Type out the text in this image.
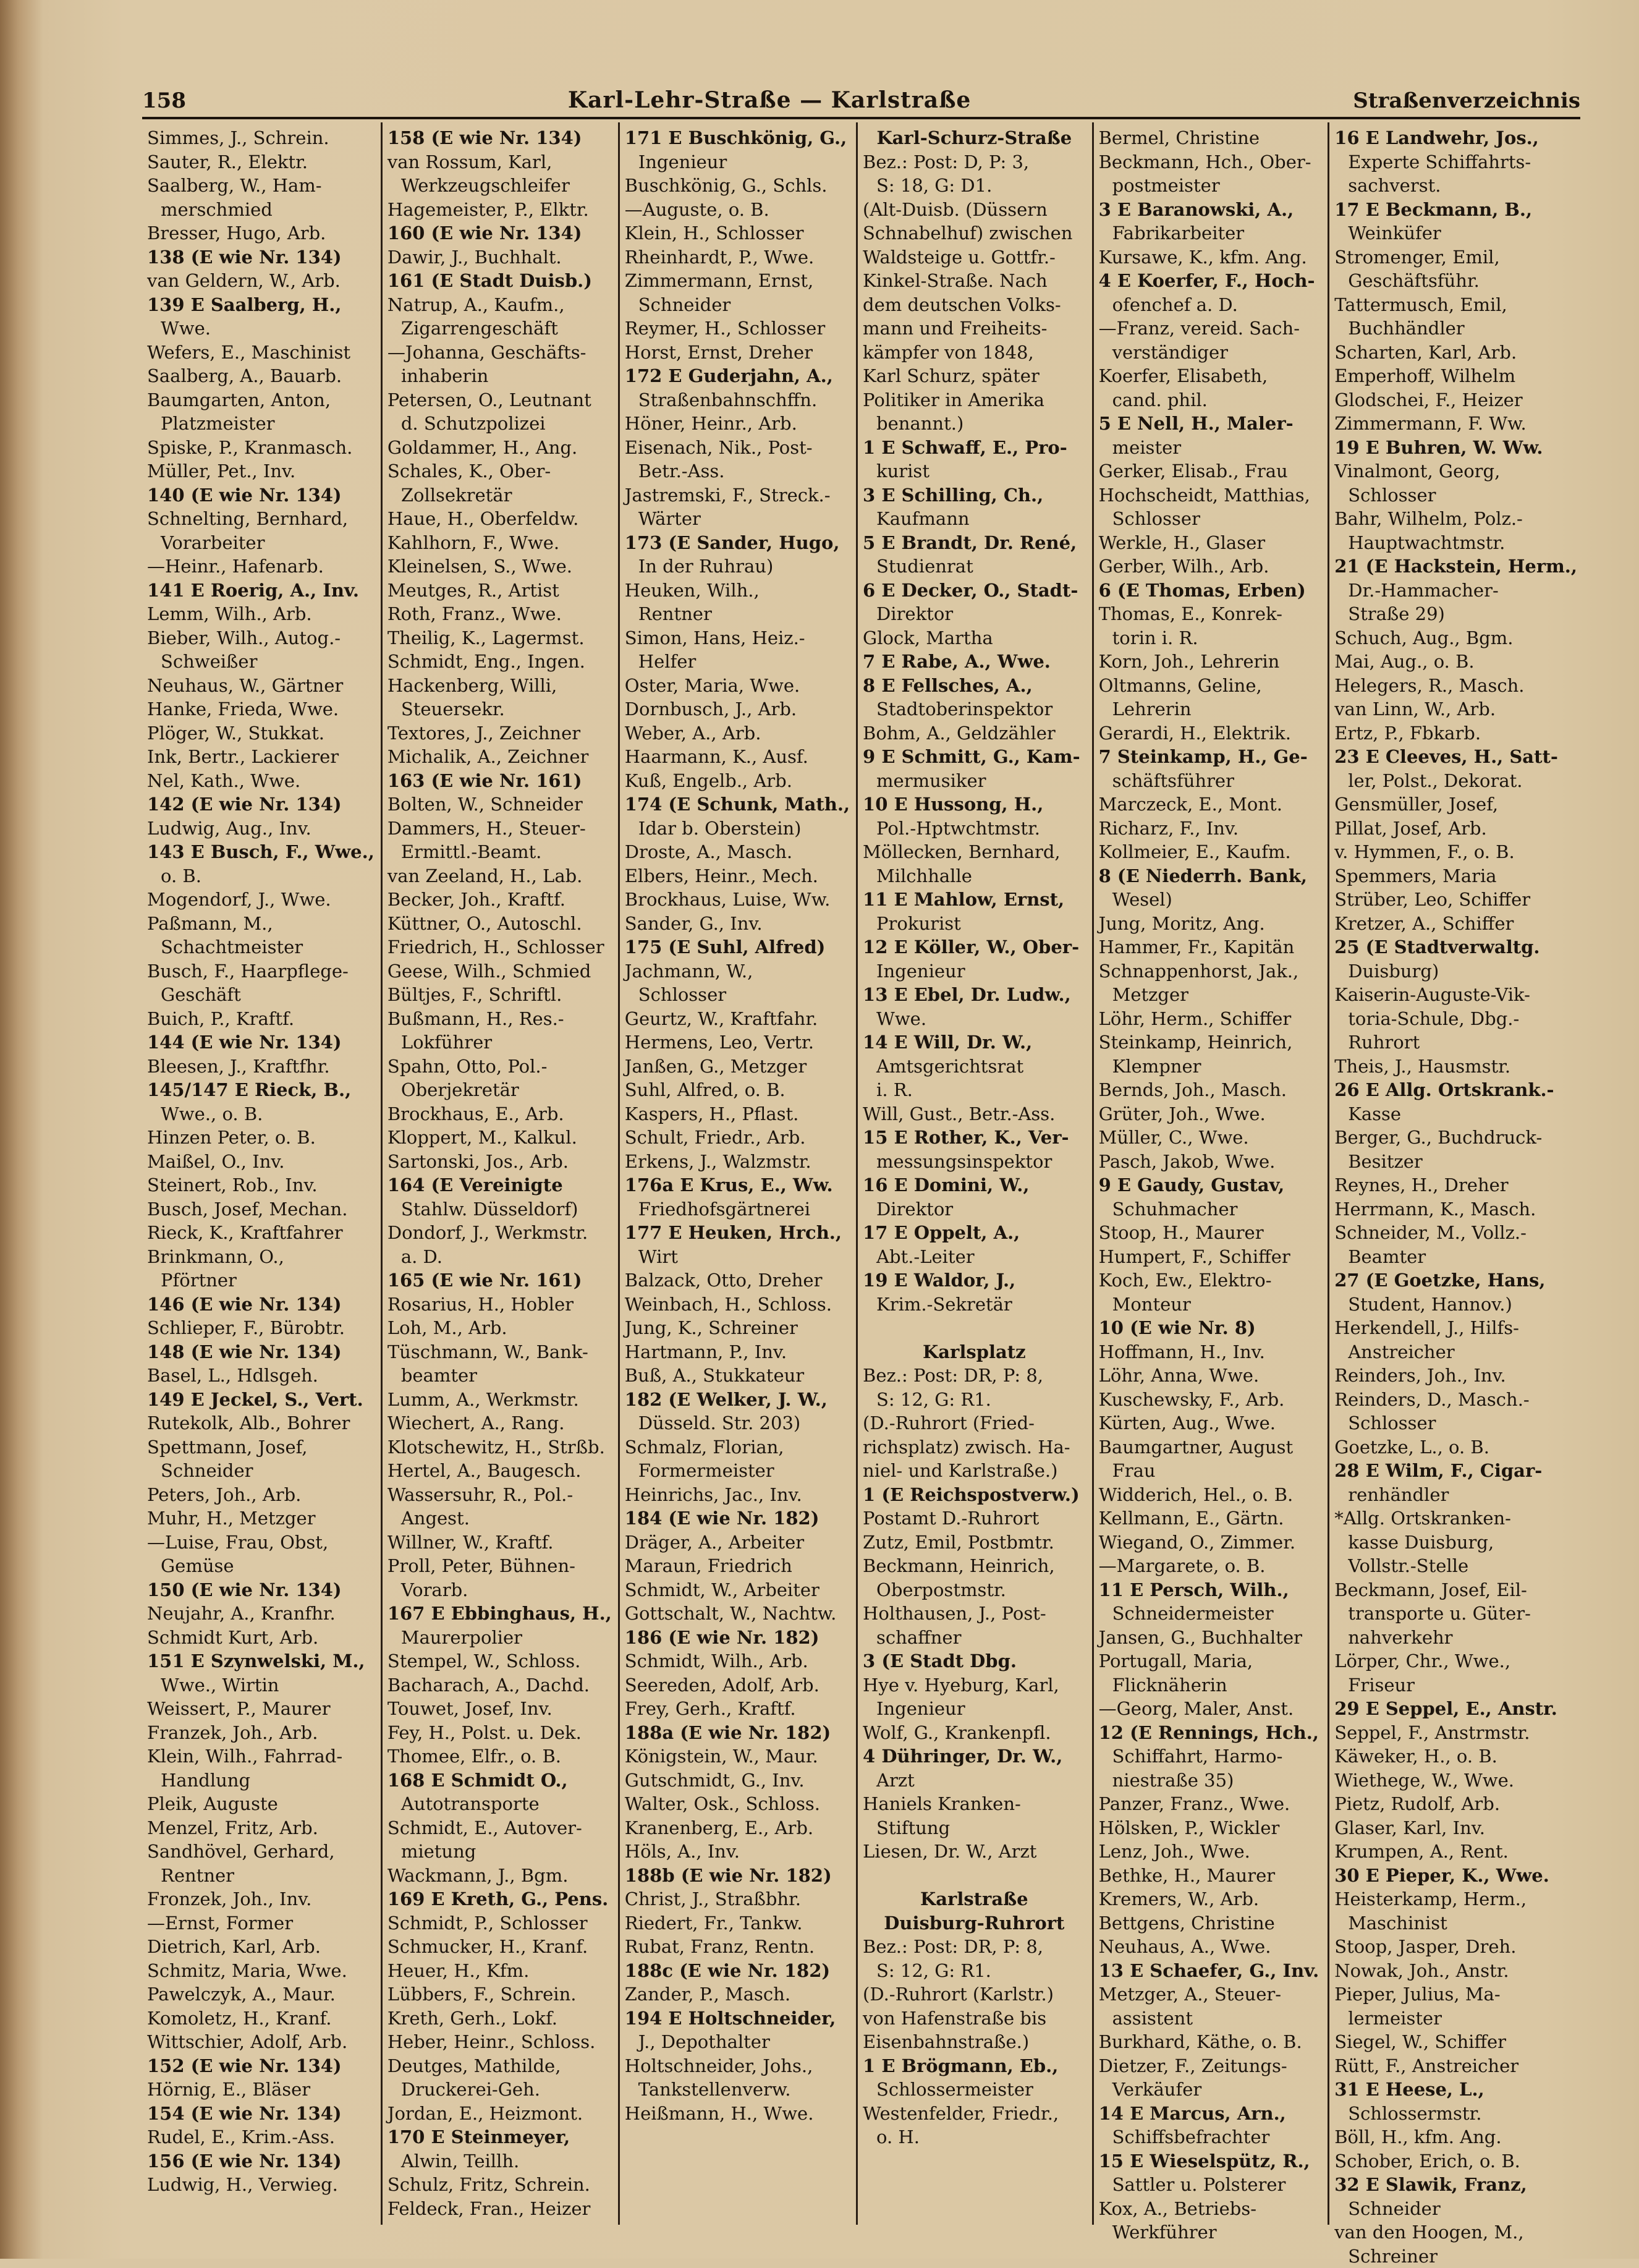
158	Karl-Lehr-Straße — Karlstraße	Straßenverzeichnis
Simmes, J., Schrein.
Sauter, R., Elektr.
Saalberg, W., Ham-
merschmied
Bresser, Hugo, Arb.
138 (E wie Nr. 134)
van Geldern, W., Arb.
139 E Saalberg, H.,
Wwe.
Wefers, E., Maschinist
Saalberg, A., Bauarb.
Baumgarten, Anton,
Platzmeister
Spiske, P., Kranmasch.
Müller, Pet., Inv.
140 (E wie Nr. 134)
Schnelting, Bernhard,
Vorarbeiter
—Heinr., Hafenarb.
141 E Roerig, A., Inv.
Lemm, Wilh., Arb.
Bieber, Wilh., Autog.-
Schweißer
Neuhaus, W., Gärtner
Hanke, Frieda, Wwe.
Plöger, W., Stukkat.
Ink, Bertr., Lackierer
Nel, Kath., Wwe.
142 (E wie Nr. 134)
Ludwig, Aug., Inv.
143 E Busch, F., Wwe.,
o. B.
Mogendorf, J., Wwe.
Paßmann, M.,
Schachtmeister
Busch, F., Haarpflege-
Geschäft
Buich, P., Kraftf.
144 (E wie Nr. 134)
Bleesen, J., Kraftfhr.
145/147 E Rieck, B.,
Wwe., o. B.
Hinzen Peter, o. B.
Maißel, O., Inv.
Steinert, Rob., Inv.
Busch, Josef, Mechan.
Rieck, K., Kraftfahrer
Brinkmann, O.,
Pförtner
146 (E wie Nr. 134)
Schlieper, F., Bürobtr.
148 (E wie Nr. 134)
Basel, L., Hdlsgeh.
149 E Jeckel, S., Vert.
Rutekolk, Alb., Bohrer
Spettmann, Josef,
Schneider
Peters, Joh., Arb.
Muhr, H., Metzger
—Luise, Frau, Obst,
Gemüse
150 (E wie Nr. 134)
Neujahr, A., Kranfhr.
Schmidt Kurt, Arb.
151 E Szynwelski, M.,
Wwe., Wirtin
Weissert, P., Maurer
Franzek, Joh., Arb.
Klein, Wilh., Fahrrad-
Handlung
Pleik, Auguste
Menzel, Fritz, Arb.
Sandhövel, Gerhard,
Rentner
Fronzek, Joh., Inv.
—Ernst, Former
Dietrich, Karl, Arb.
Schmitz, Maria, Wwe.
Pawelczyk, A., Maur.
Komoletz, H., Kranf.
Wittschier, Adolf, Arb.
152 (E wie Nr. 134)
Hörnig, E., Bläser
154 (E wie Nr. 134)
Rudel, E., Krim.-Ass.
156 (E wie Nr. 134)
Ludwig, H., Verwieg.
158 (E wie Nr. 134)
van Rossum, Karl,
Werkzeugschleifer
Hagemeister, P., Elktr.
160 (E wie Nr. 134)
Dawir, J., Buchhalt.
161 (E Stadt Duisb.)
Natrup, A., Kaufm.,
Zigarrengeschäft
—Johanna, Geschäfts-
inhaberin
Petersen, O., Leutnant
d. Schutzpolizei
Goldammer, H., Ang.
Schales, K., Ober-
Zollsekretär
Haue, H., Oberfeldw.
Kahlhorn, F., Wwe.
Kleinelsen, S., Wwe.
Meutges, R., Artist
Roth, Franz., Wwe.
Theilig, K., Lagermst.
Schmidt, Eng., Ingen.
Hackenberg, Willi,
Steuersekr.
Textores, J., Zeichner
Michalik, A., Zeichner
163 (E wie Nr. 161)
Bolten, W., Schneider
Dammers, H., Steuer-
Ermittl.-Beamt.
van Zeeland, H., Lab.
Becker, Joh., Kraftf.
Küttner, O., Autoschl.
Friedrich, H., Schlosser
Geese, Wilh., Schmied
Bültjes, F., Schriftl.
Bußmann, H., Res.-
Lokführer
Spahn, Otto, Pol.-
Oberjekretär
Brockhaus, E., Arb.
Kloppert, M., Kalkul.
Sartonski, Jos., Arb.
164 (E Vereinigte
Stahlw. Düsseldorf)
Dondorf, J., Werkmstr.
a. D.
165 (E wie Nr. 161)
Rosarius, H., Hobler
Loh, M., Arb.
Tüschmann, W., Bank-
beamter
Lumm, A., Werkmstr.
Wiechert, A., Rang.
Klotschewitz, H., Strßb.
Hertel, A., Baugesch.
Wassersuhr, R., Pol.-
Angest.
Willner, W., Kraftf.
Proll, Peter, Bühnen-
Vorarb.
167 E Ebbinghaus, H.,
Maurerpolier
Stempel, W., Schloss.
Bacharach, A., Dachd.
Touwet, Josef, Inv.
Fey, H., Polst. u. Dek.
Thomee, Elfr., o. B.
168 E Schmidt O.,
Autotransporte
Schmidt, E., Autover-
mietung
Wackmann, J., Bgm.
169 E Kreth, G., Pens.
Schmidt, P., Schlosser
Schmucker, H., Kranf.
Heuer, H., Kfm.
Lübbers, F., Schrein.
Kreth, Gerh., Lokf.
Heber, Heinr., Schloss.
Deutges, Mathilde,
Druckerei-Geh.
Jordan, E., Heizmont.
170 E Steinmeyer,
Alwin, Teillh.
Schulz, Fritz, Schrein.
Feldeck, Fran., Heizer
171 E Buschkönig, G.,
Ingenieur
Buschkönig, G., Schls.
—Auguste, o. B.
Klein, H., Schlosser
Rheinhardt, P., Wwe.
Zimmermann, Ernst,
Schneider
Reymer, H., Schlosser
Horst, Ernst, Dreher
172 E Guderjahn, A.,
Straßenbahnschffn.
Höner, Heinr., Arb.
Eisenach, Nik., Post-
Betr.-Ass.
Jastremski, F., Streck.-
Wärter
173 (E Sander, Hugo,
In der Ruhrau)
Heuken, Wilh.,
Rentner
Simon, Hans, Heiz.-
Helfer
Oster, Maria, Wwe.
Dornbusch, J., Arb.
Weber, A., Arb.
Haarmann, K., Ausf.
Kuß, Engelb., Arb.
174 (E Schunk, Math.,
Idar b. Oberstein)
Droste, A., Masch.
Elbers, Heinr., Mech.
Brockhaus, Luise, Ww.
Sander, G., Inv.
175 (E Suhl, Alfred)
Jachmann, W.,
Schlosser
Geurtz, W., Kraftfahr.
Hermens, Leo, Vertr.
Janßen, G., Metzger
Suhl, Alfred, o. B.
Kaspers, H., Pflast.
Schult, Friedr., Arb.
Erkens, J., Walzmstr.
176a E Krus, E., Ww.
Friedhofsgärtnerei
177 E Heuken, Hrch.,
Wirt
Balzack, Otto, Dreher
Weinbach, H., Schloss.
Jung, K., Schreiner
Hartmann, P., Inv.
Buß, A., Stukkateur
182 (E Welker, J. W.,
Düsseld. Str. 203)
Schmalz, Florian,
Formermeister
Heinrichs, Jac., Inv.
184 (E wie Nr. 182)
Dräger, A., Arbeiter
Maraun, Friedrich
Schmidt, W., Arbeiter
Gottschalt, W., Nachtw.
186 (E wie Nr. 182)
Schmidt, Wilh., Arb.
Seereden, Adolf, Arb.
Frey, Gerh., Kraftf.
188a (E wie Nr. 182)
Königstein, W., Maur.
Gutschmidt, G., Inv.
Walter, Osk., Schloss.
Kranenberg, E., Arb.
Höls, A., Inv.
188b (E wie Nr. 182)
Christ, J., Straßbhr.
Riedert, Fr., Tankw.
Rubat, Franz, Rentn.
188c (E wie Nr. 182)
Zander, P., Masch.
194 E Holtschneider,
J., Depothalter
Holtschneider, Johs.,
Tankstellenverw.
Heißmann, H., Wwe.
Karl-Schurz-Straße
Bez.: Post: D, P: 3,
S: 18, G: D1.
(Alt-Duisb. (Düssern
Schnabelhuf) zwischen
Waldsteige u. Gottfr.-
Kinkel-Straße. Nach
dem deutschen Volks-
mann und Freiheits-
kämpfer von 1848,
Karl Schurz, später
Politiker in Amerika
benannt.)
1 E Schwaff, E., Pro-
kurist
3 E Schilling, Ch.,
Kaufmann
5 E Brandt, Dr. René,
Studienrat
6 E Decker, O., Stadt-
Direktor
Glock, Martha
7 E Rabe, A., Wwe.
8 E Fellsches, A.,
Stadtoberinspektor
Bohm, A., Geldzähler
9 E Schmitt, G., Kam-
mermusiker
10 E Hussong, H.,
Pol.-Hptwchtmstr.
Möllecken, Bernhard,
Milchhalle
11 E Mahlow, Ernst,
Prokurist
12 E Köller, W., Ober-
Ingenieur
13 E Ebel, Dr. Ludw.,
Wwe.
14 E Will, Dr. W.,
Amtsgerichtsrat
i. R.
Will, Gust., Betr.-Ass.
15 E Rother, K., Ver-
messungsinspektor
16 E Domini, W.,
Direktor
17 E Oppelt, A.,
Abt.-Leiter
19 E Waldor, J.,
Krim.-Sekretär
Karlsplatz
Bez.: Post: DR, P: 8,
S: 12, G: R1.
(D.-Ruhrort (Fried-
richsplatz) zwisch. Ha-
niel- und Karlstraße.)
1 (E Reichspostverw.)
Postamt D.-Ruhrort
Zutz, Emil, Postbmtr.
Beckmann, Heinrich,
Oberpostmstr.
Holthausen, J., Post-
schaffner
3 (E Stadt Dbg.
Hye v. Hyeburg, Karl,
Ingenieur
Wolf, G., Krankenpfl.
4 Dühringer, Dr. W.,
Arzt
Haniels Kranken-
Stiftung
Liesen, Dr. W., Arzt
Karlstraße
Duisburg-Ruhrort
Bez.: Post: DR, P: 8,
S: 12, G: R1.
(D.-Ruhrort (Karlstr.)
von Hafenstraße bis
Eisenbahnstraße.)
1 E Brögmann, Eb.,
Schlossermeister
Westenfelder, Friedr.,
o. H.
Bermel, Christine
Beckmann, Hch., Ober-
postmeister
3 E Baranowski, A.,
Fabrikarbeiter
Kursawe, K., kfm. Ang.
4 E Koerfer, F., Hoch-
ofenchef a. D.
—Franz, vereid. Sach-
verständiger
Koerfer, Elisabeth,
cand. phil.
5 E Nell, H., Maler-
meister
Gerker, Elisab., Frau
Hochscheidt, Matthias,
Schlosser
Werkle, H., Glaser
Gerber, Wilh., Arb.
6 (E Thomas, Erben)
Thomas, E., Konrek-
torin i. R.
Korn, Joh., Lehrerin
Oltmanns, Geline,
Lehrerin
Gerardi, H., Elektrik.
7 Steinkamp, H., Ge-
schäftsführer
Marczeck, E., Mont.
Richarz, F., Inv.
Kollmeier, E., Kaufm.
8 (E Niederrh. Bank,
Wesel)
Jung, Moritz, Ang.
Hammer, Fr., Kapitän
Schnappenhorst, Jak.,
Metzger
Löhr, Herm., Schiffer
Steinkamp, Heinrich,
Klempner
Bernds, Joh., Masch.
Grüter, Joh., Wwe.
Müller, C., Wwe.
Pasch, Jakob, Wwe.
9 E Gaudy, Gustav,
Schuhmacher
Stoop, H., Maurer
Humpert, F., Schiffer
Koch, Ew., Elektro-
Monteur
10 (E wie Nr. 8)
Hoffmann, H., Inv.
Löhr, Anna, Wwe.
Kuschewsky, F., Arb.
Kürten, Aug., Wwe.
Baumgartner, August
Frau
Widderich, Hel., o. B.
Kellmann, E., Gärtn.
Wiegand, O., Zimmer.
—Margarete, o. B.
11 E Persch, Wilh.,
Schneidermeister
Jansen, G., Buchhalter
Portugall, Maria,
Flicknäherin
—Georg, Maler, Anst.
12 (E Rennings, Hch.,
Schiffahrt, Harmo-
niestraße 35)
Panzer, Franz., Wwe.
Hölsken, P., Wickler
Lenz, Joh., Wwe.
Bethke, H., Maurer
Kremers, W., Arb.
Bettgens, Christine
Neuhaus, A., Wwe.
13 E Schaefer, G., Inv.
Metzger, A., Steuer-
assistent
Burkhard, Käthe, o. B.
Dietzer, F., Zeitungs-
Verkäufer
14 E Marcus, Arn.,
Schiffsbefrachter
15 E Wieselspütz, R.,
Sattler u. Polsterer
Kox, A., Betriebs-
Werkführer
16 E Landwehr, Jos.,
Experte Schiffahrts-
sachverst.
17 E Beckmann, B.,
Weinküfer
Stromenger, Emil,
Geschäftsführ.
Tattermusch, Emil,
Buchhändler
Scharten, Karl, Arb.
Emperhoff, Wilhelm
Glodschei, F., Heizer
Zimmermann, F. Ww.
19 E Buhren, W. Ww.
Vinalmont, Georg,
Schlosser
Bahr, Wilhelm, Polz.-
Hauptwachtmstr.
21 (E Hackstein, Herm.,
Dr.-Hammacher-
Straße 29)
Schuch, Aug., Bgm.
Mai, Aug., o. B.
Helegers, R., Masch.
van Linn, W., Arb.
Ertz, P., Fbkarb.
23 E Cleeves, H., Satt-
ler, Polst., Dekorat.
Gensmüller, Josef,
Pillat, Josef, Arb.
v. Hymmen, F., o. B.
Spemmers, Maria
Strüber, Leo, Schiffer
Kretzer, A., Schiffer
25 (E Stadtverwaltg.
Duisburg)
Kaiserin-Auguste-Vik-
toria-Schule, Dbg.-
Ruhrort
Theis, J., Hausmstr.
26 E Allg. Ortskrank.-
Kasse
Berger, G., Buchdruck-
Besitzer
Reynes, H., Dreher
Herrmann, K., Masch.
Schneider, M., Vollz.-
Beamter
27 (E Goetzke, Hans,
Student, Hannov.)
Herkendell, J., Hilfs-
Anstreicher
Reinders, Joh., Inv.
Reinders, D., Masch.-
Schlosser
Goetzke, L., o. B.
28 E Wilm, F., Cigar-
renhändler
*Allg. Ortskranken-
kasse Duisburg,
Vollstr.-Stelle
Beckmann, Josef, Eil-
transporte u. Güter-
nahverkehr
Lörper, Chr., Wwe.,
Friseur
29 E Seppel, E., Anstr.
Seppel, F., Anstrmstr.
Käweker, H., o. B.
Wiethege, W., Wwe.
Pietz, Rudolf, Arb.
Glaser, Karl, Inv.
Krumpen, A., Rent.
30 E Pieper, K., Wwe.
Heisterkamp, Herm.,
Maschinist
Stoop, Jasper, Dreh.
Nowak, Joh., Anstr.
Pieper, Julius, Ma-
lermeister
Siegel, W., Schiffer
Rütt, F., Anstreicher
31 E Heese, L.,
Schlossermstr.
Böll, H., kfm. Ang.
Schober, Erich, o. B.
32 E Slawik, Franz,
Schneider
van den Hoogen, M.,
Schreiner
